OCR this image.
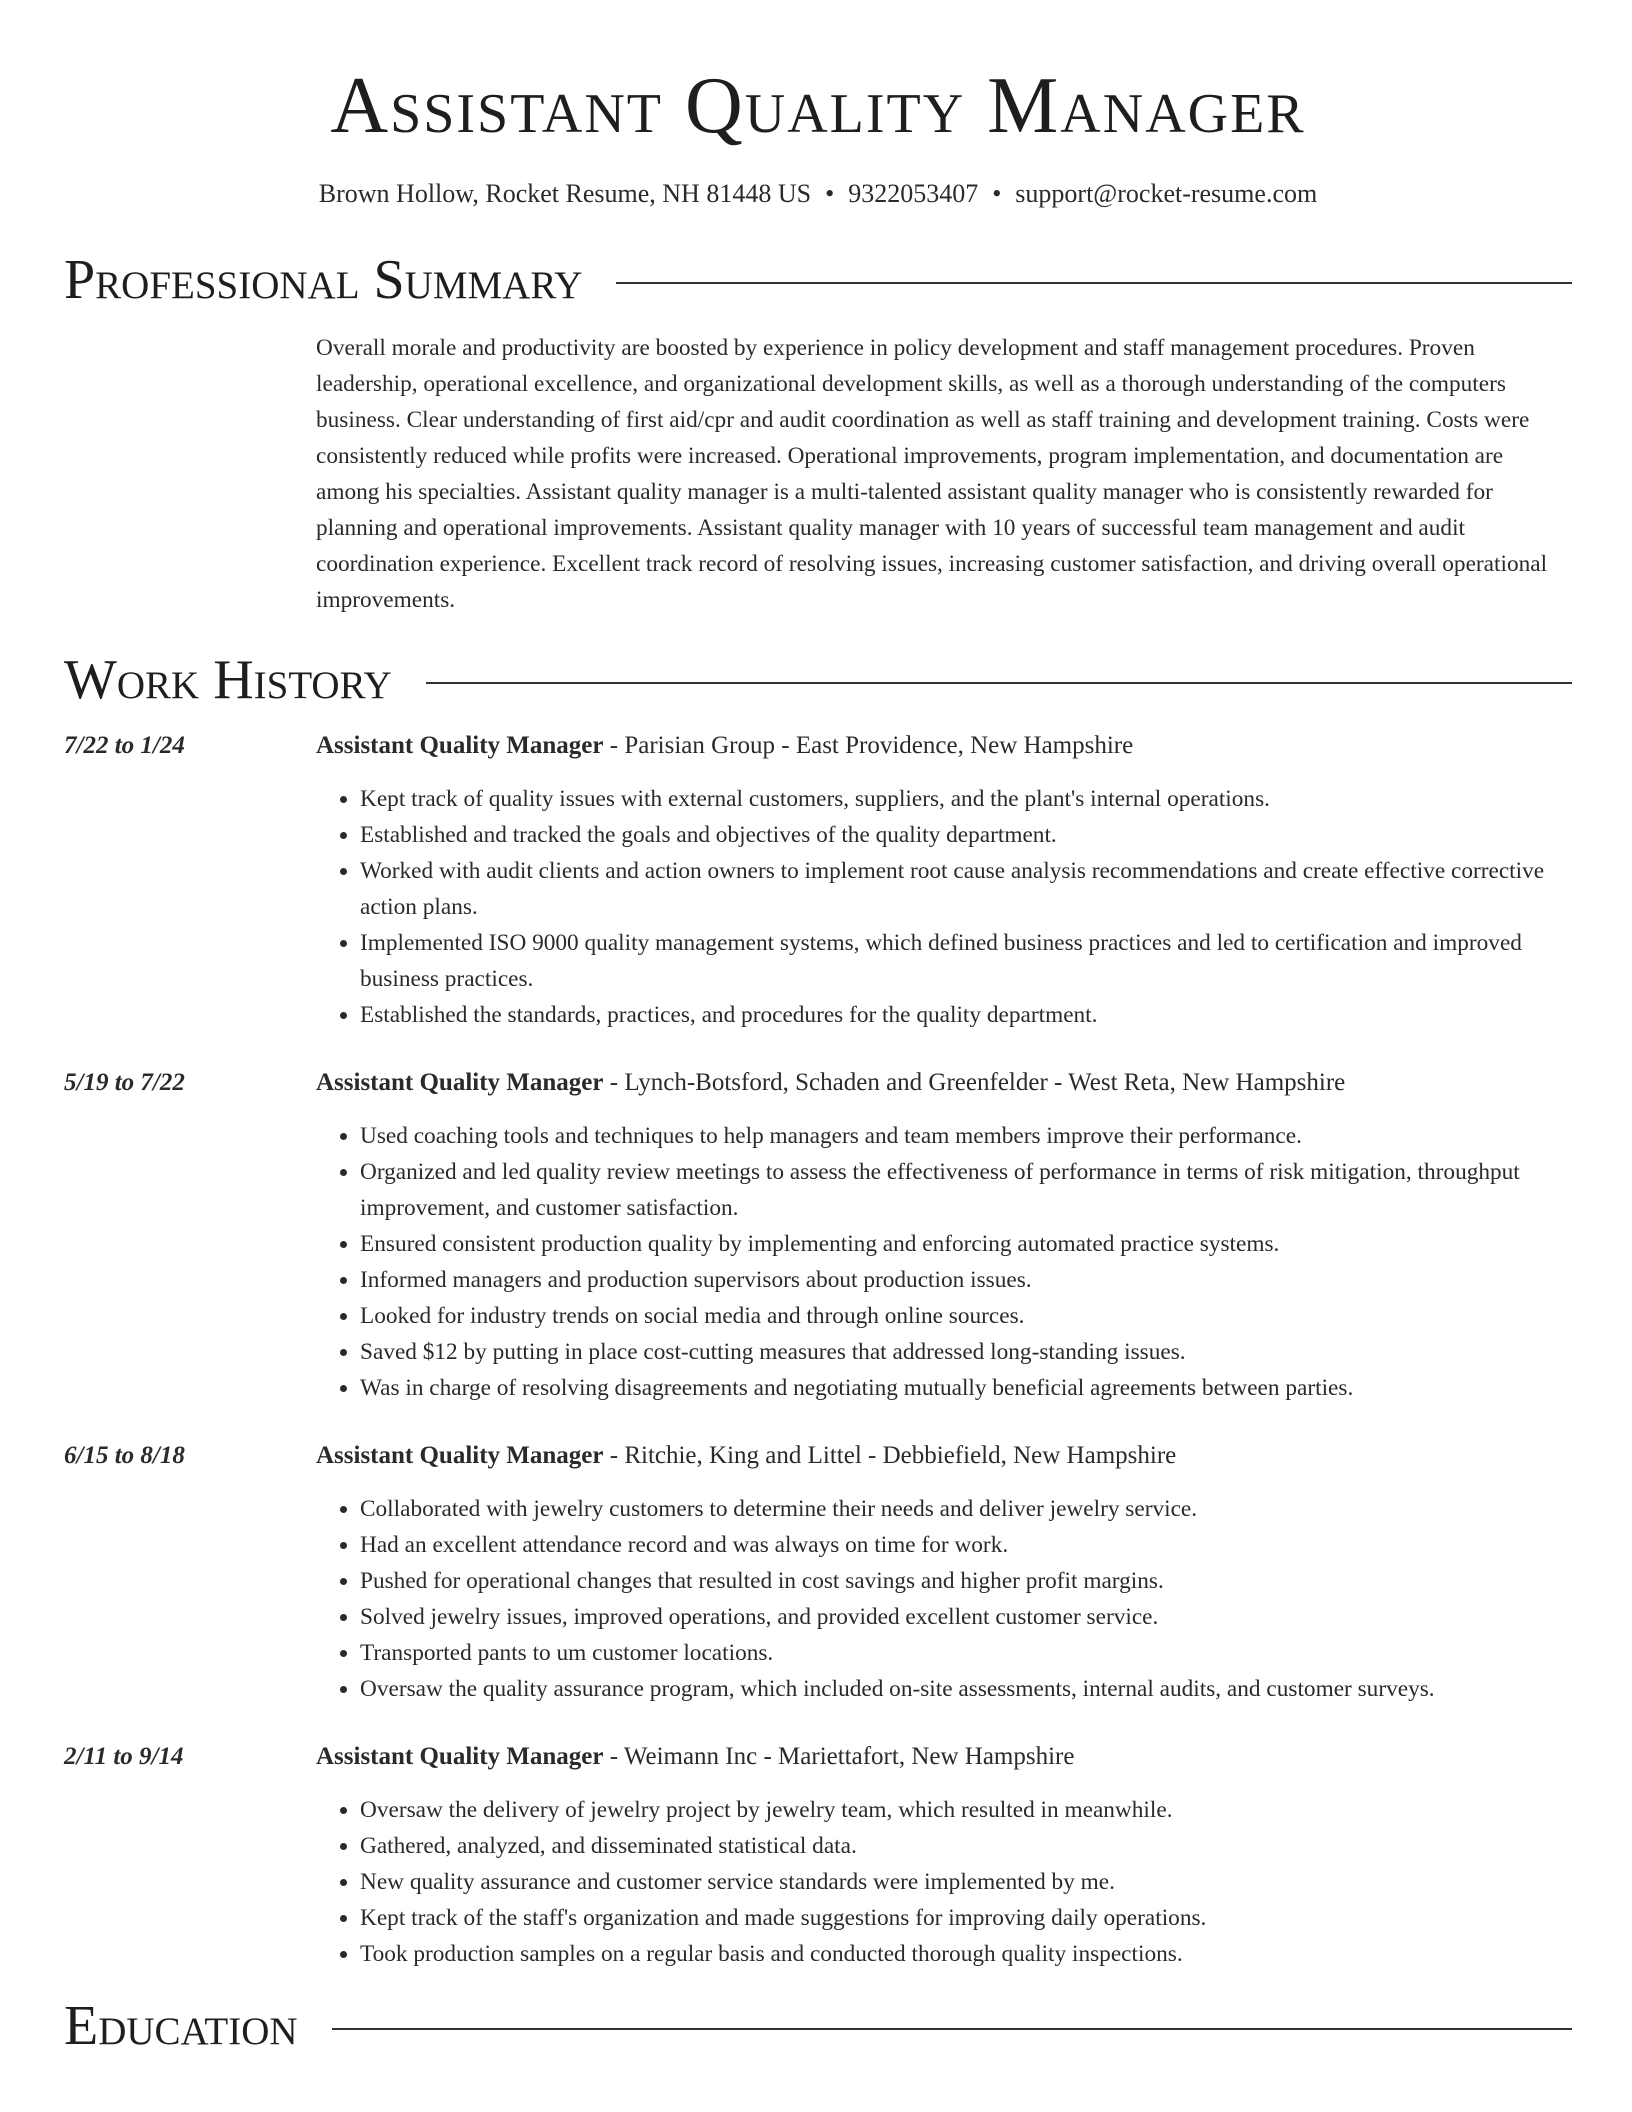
Assistant Quality Manager
Brown Hollow, Rocket Resume, NH 81448 US • 9322053407 • support@rocket-resume.com
Professional Summary
Overall morale and productivity are boosted by experience in policy development and staff management procedures. Proven leadership, operational excellence, and organizational development skills, as well as a thorough understanding of the computers business. Clear understanding of first aid/cpr and audit coordination as well as staff training and development training. Costs were consistently reduced while profits were increased. Operational improvements, program implementation, and documentation are among his specialties. Assistant quality manager is a multi-talented assistant quality manager who is consistently rewarded for planning and operational improvements. Assistant quality manager with 10 years of successful team management and audit coordination experience. Excellent track record of resolving issues, increasing customer satisfaction, and driving overall operational improvements.
Work History
7/22 to 1/24	Assistant Quality Manager - Parisian Group - East Providence, New Hampshire
• Kept track of quality issues with external customers, suppliers, and the plant's internal operations.
• Established and tracked the goals and objectives of the quality department.
• Worked with audit clients and action owners to implement root cause analysis recommendations and create effective corrective action plans.
• Implemented ISO 9000 quality management systems, which defined business practices and led to certification and improved business practices.
• Established the standards, practices, and procedures for the quality department.
5/19 to 7/22	Assistant Quality Manager - Lynch-Botsford, Schaden and Greenfelder - West Reta, New Hampshire
• Used coaching tools and techniques to help managers and team members improve their performance.
• Organized and led quality review meetings to assess the effectiveness of performance in terms of risk mitigation, throughput improvement, and customer satisfaction.
• Ensured consistent production quality by implementing and enforcing automated practice systems.
• Informed managers and production supervisors about production issues.
• Looked for industry trends on social media and through online sources.
• Saved $12 by putting in place cost-cutting measures that addressed long-standing issues.
• Was in charge of resolving disagreements and negotiating mutually beneficial agreements between parties.
6/15 to 8/18	Assistant Quality Manager - Ritchie, King and Littel - Debbiefield, New Hampshire
• Collaborated with jewelry customers to determine their needs and deliver jewelry service.
• Had an excellent attendance record and was always on time for work.
• Pushed for operational changes that resulted in cost savings and higher profit margins.
• Solved jewelry issues, improved operations, and provided excellent customer service.
• Transported pants to um customer locations.
• Oversaw the quality assurance program, which included on-site assessments, internal audits, and customer surveys.
2/11 to 9/14	Assistant Quality Manager - Weimann Inc - Mariettafort, New Hampshire
• Oversaw the delivery of jewelry project by jewelry team, which resulted in meanwhile.
• Gathered, analyzed, and disseminated statistical data.
• New quality assurance and customer service standards were implemented by me.
• Kept track of the staff's organization and made suggestions for improving daily operations.
• Took production samples on a regular basis and conducted thorough quality inspections.
Education
